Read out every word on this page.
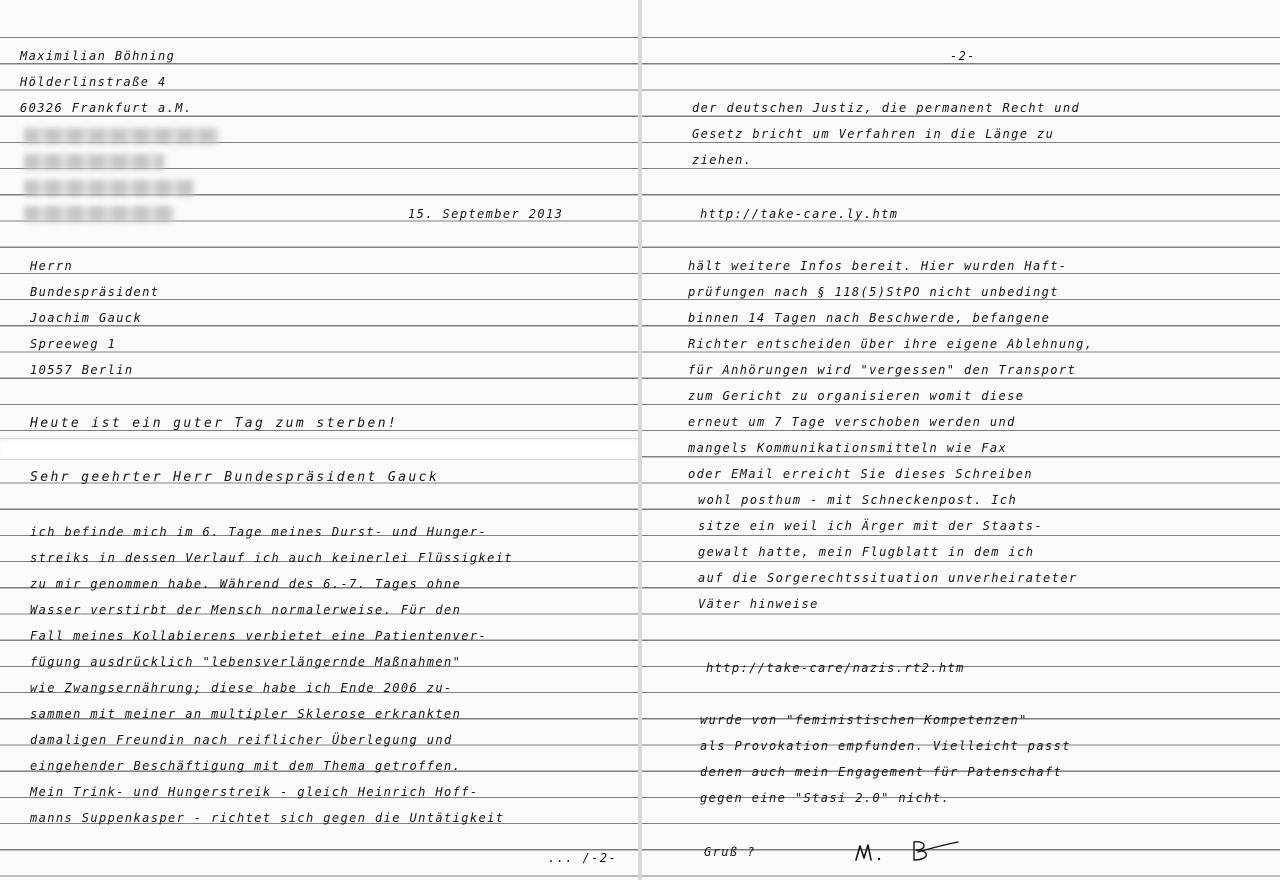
Maximilian Böhning
Hölderlinstraße 4
60326 Frankfurt a.M.
15. September 2013
Herrn
Bundespräsident
Joachim Gauck
Spreeweg 1
10557 Berlin
Heute ist ein guter Tag zum sterben!
Sehr geehrter Herr Bundespräsident Gauck
ich befinde mich im 6. Tage meines Durst- und Hunger-
streiks in dessen Verlauf ich auch keinerlei Flüssigkeit
zu mir genommen habe. Während des 6.-7. Tages ohne
Wasser verstirbt der Mensch normalerweise. Für den
Fall meines Kollabierens verbietet eine Patientenver-
fügung ausdrücklich "lebensverlängernde Maßnahmen"
wie Zwangsernährung; diese habe ich Ende 2006 zu-
sammen mit meiner an multipler Sklerose erkrankten
damaligen Freundin nach reiflicher Überlegung und
eingehender Beschäftigung mit dem Thema getroffen.
Mein Trink- und Hungerstreik - gleich Heinrich Hoff-
manns Suppenkasper - richtet sich gegen die Untätigkeit
... /-2-
-2-
der deutschen Justiz, die permanent Recht und
Gesetz bricht um Verfahren in die Länge zu
ziehen.
http://take-care.ly.htm
hält weitere Infos bereit. Hier wurden Haft-
prüfungen nach § 118(5)StPO nicht unbedingt
binnen 14 Tagen nach Beschwerde, befangene
Richter entscheiden über ihre eigene Ablehnung,
für Anhörungen wird "vergessen" den Transport
zum Gericht zu organisieren womit diese
erneut um 7 Tage verschoben werden und
mangels Kommunikationsmitteln wie Fax
oder EMail erreicht Sie dieses Schreiben
wohl posthum - mit Schneckenpost. Ich
sitze ein weil ich Ärger mit der Staats-
gewalt hatte, mein Flugblatt in dem ich
auf die Sorgerechtssituation unverheirateter
Väter hinweise
http://take-care/nazis.rt2.htm
wurde von "feministischen Kompetenzen"
als Provokation empfunden. Vielleicht passt
denen auch mein Engagement für Patenschaft
gegen eine "Stasi 2.0" nicht.
Gruß ?
